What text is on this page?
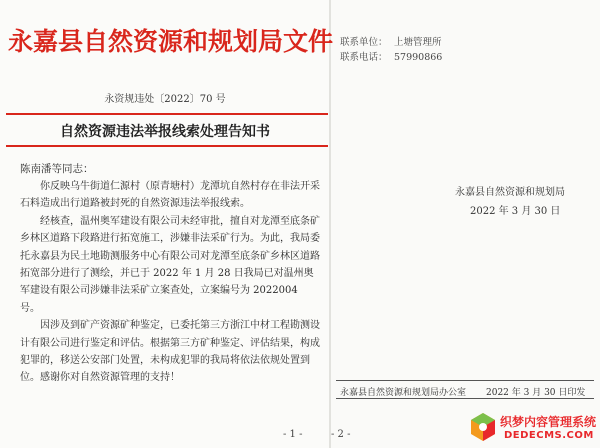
永嘉县自然资源和规划局文件
永资规违处〔2022〕70 号
自然资源违法举报线索处理告知书
陈南潘等同志：

你反映乌牛街道仁源村（原青塘村）龙潭坑自然村存在非法开采石料造成出行道路被封死的自然资源违法举报线索。

经核查，温州奥军建设有限公司未经审批，擅自对龙潭至底条矿乡林区道路下段路进行拓宽施工，涉嫌非法采矿行为。为此，我局委托永嘉县为民土地勘测服务中心有限公司对龙潭至底条矿乡林区道路拓宽部分进行了测绘，并已于 2022 年 1 月 28 日我局已对温州奥军建设有限公司涉嫌非法采矿立案查处，立案编号为 2022004 号。

因涉及到矿产资源矿种鉴定，已委托第三方浙江中材工程勘测设计有限公司进行鉴定和评估。根据第三方矿种鉴定、评估结果，构成犯罪的，移送公安部门处置，未构成犯罪的我局将依法依规处置到位。感谢你对自然资源管理的支持！

联系单位： 上塘管理所
联系电话： 57990866
永嘉县自然资源和规划局
2022 年 3 月 30 日
永嘉县自然资源和规划局办公室 2022 年 3 月 30 日印发
- 1 -	- 2 -
织梦内容管理系统
DEDECMS.COM
